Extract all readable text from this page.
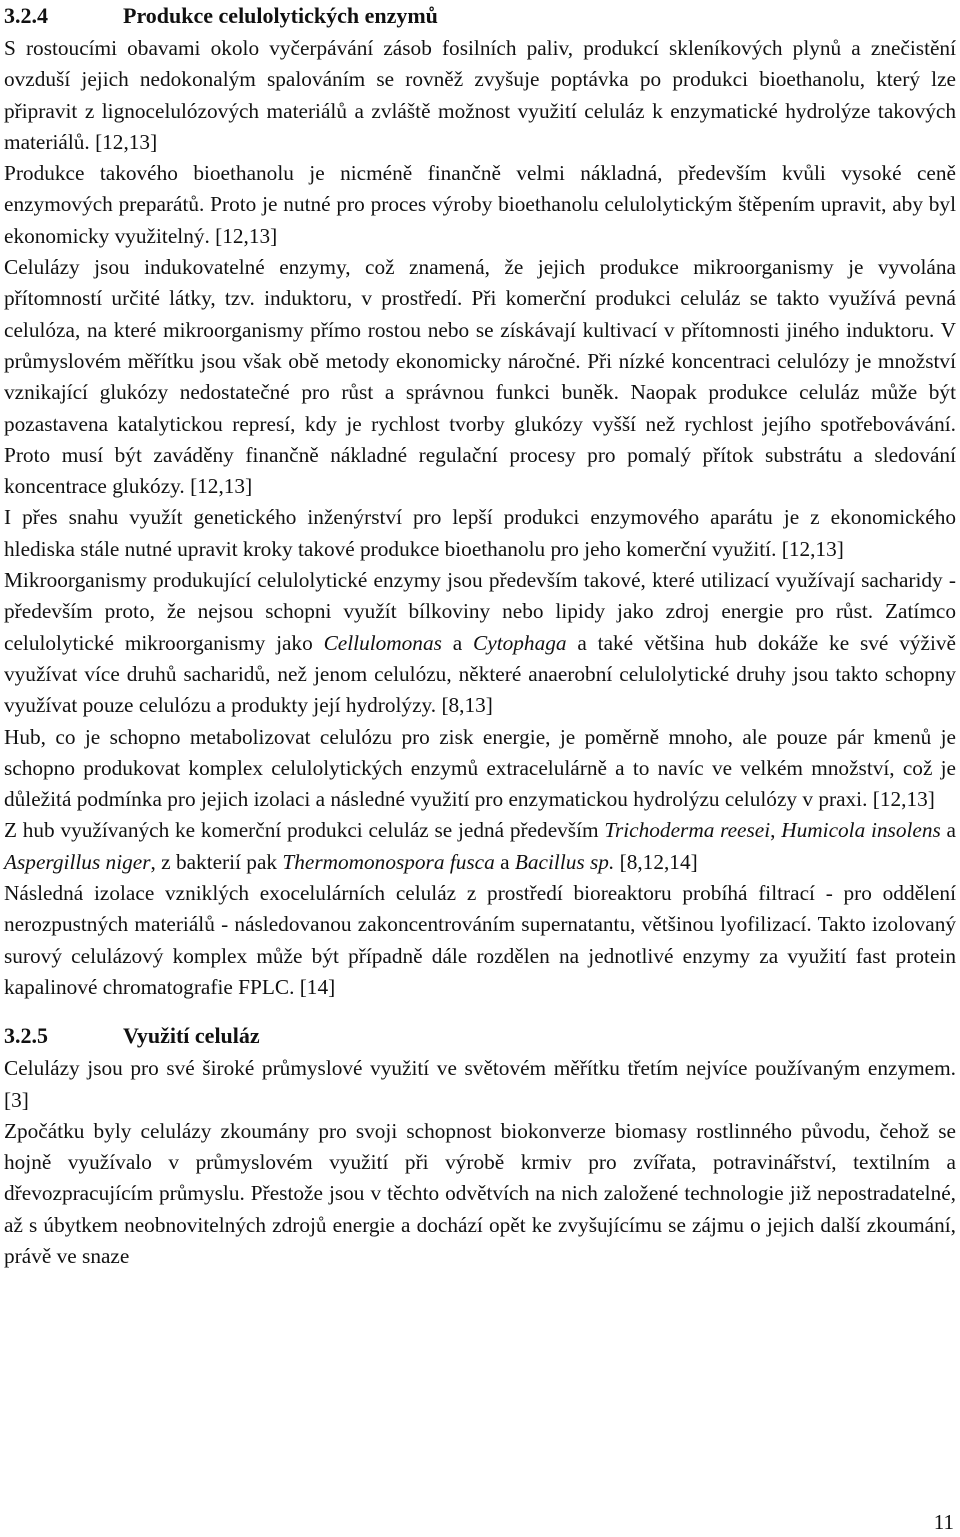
3.2.4	Produkce celulolytických enzymů

S rostoucími obavami okolo vyčerpávání zásob fosilních paliv, produkcí skleníkových plynů a znečistění ovzduší jejich nedokonalým spalováním se rovněž zvyšuje poptávka po produkci bioethanolu, který lze připravit z lignocelulózových materiálů a zvláště možnost využití celuláz k enzymatické hydrolýze takových materiálů. [12,13]

Produkce takového bioethanolu je nicméně finančně velmi nákladná, především kvůli vysoké ceně enzymových preparátů. Proto je nutné pro proces výroby bioethanolu celulolytickým štěpením upravit, aby byl ekonomicky využitelný. [12,13]

Celulázy jsou indukovatelné enzymy, což znamená, že jejich produkce mikroorganismy je vyvolána přítomností určité látky, tzv. induktoru, v prostředí. Při komerční produkci celuláz se takto využívá pevná celulóza, na které mikroorganismy přímo rostou nebo se získávají kultivací v přítomnosti jiného induktoru. V průmyslovém měřítku jsou však obě metody ekonomicky náročné. Při nízké koncentraci celulózy je množství vznikající glukózy nedostatečné pro růst a správnou funkci buněk. Naopak produkce celuláz může být pozastavena katalytickou represí, kdy je rychlost tvorby glukózy vyšší než rychlost jejího spotřebovávání. Proto musí být zaváděny finančně nákladné regulační procesy pro pomalý přítok substrátu a sledování koncentrace glukózy. [12,13]

I přes snahu využít genetického inženýrství pro lepší produkci enzymového aparátu je z ekonomického hlediska stále nutné upravit kroky takové produkce bioethanolu pro jeho komerční využití. [12,13]

Mikroorganismy produkující celulolytické enzymy jsou především takové, které utilizací využívají sacharidy - především proto, že nejsou schopni využít bílkoviny nebo lipidy jako zdroj energie pro růst. Zatímco celulolytické mikroorganismy jako Cellulomonas a Cytophaga a také většina hub dokáže ke své výživě využívat více druhů sacharidů, než jenom celulózu, některé anaerobní celulolytické druhy jsou takto schopny využívat pouze celulózu a produkty její hydrolýzy. [8,13]

Hub, co je schopno metabolizovat celulózu pro zisk energie, je poměrně mnoho, ale pouze pár kmenů je schopno produkovat komplex celulolytických enzymů extracelulárně a to navíc ve velkém množství, což je důležitá podmínka pro jejich izolaci a následné využití pro enzymatickou hydrolýzu celulózy v praxi. [12,13]

Z hub využívaných ke komerční produkci celuláz se jedná především Trichoderma reesei, Humicola insolens a Aspergillus niger, z bakterií pak Thermomonospora fusca a Bacillus sp. [8,12,14]

Následná izolace vzniklých exocelulárních celuláz z prostředí bioreaktoru probíhá filtrací - pro oddělení nerozpustných materiálů - následovanou zakoncentrováním supernatantu, většinou lyofilizací. Takto izolovaný surový celulázový komplex může být případně dále rozdělen na jednotlivé enzymy za využití fast protein kapalinové chromatografie FPLC. [14]

3.2.5	Využití celuláz

Celulázy jsou pro své široké průmyslové využití ve světovém měřítku třetím nejvíce používaným enzymem. [3]

Zpočátku byly celulázy zkoumány pro svoji schopnost biokonverze biomasy rostlinného původu, čehož se hojně využívalo v průmyslovém využití při výrobě krmiv pro zvířata, potravinářství, textilním a dřevozpracujícím průmyslu. Přestože jsou v těchto odvětvích na nich založené technologie již nepostradatelné, až s úbytkem neobnovitelných zdrojů energie a dochází opět ke zvyšujícímu se zájmu o jejich další zkoumání, právě ve snaze

11
